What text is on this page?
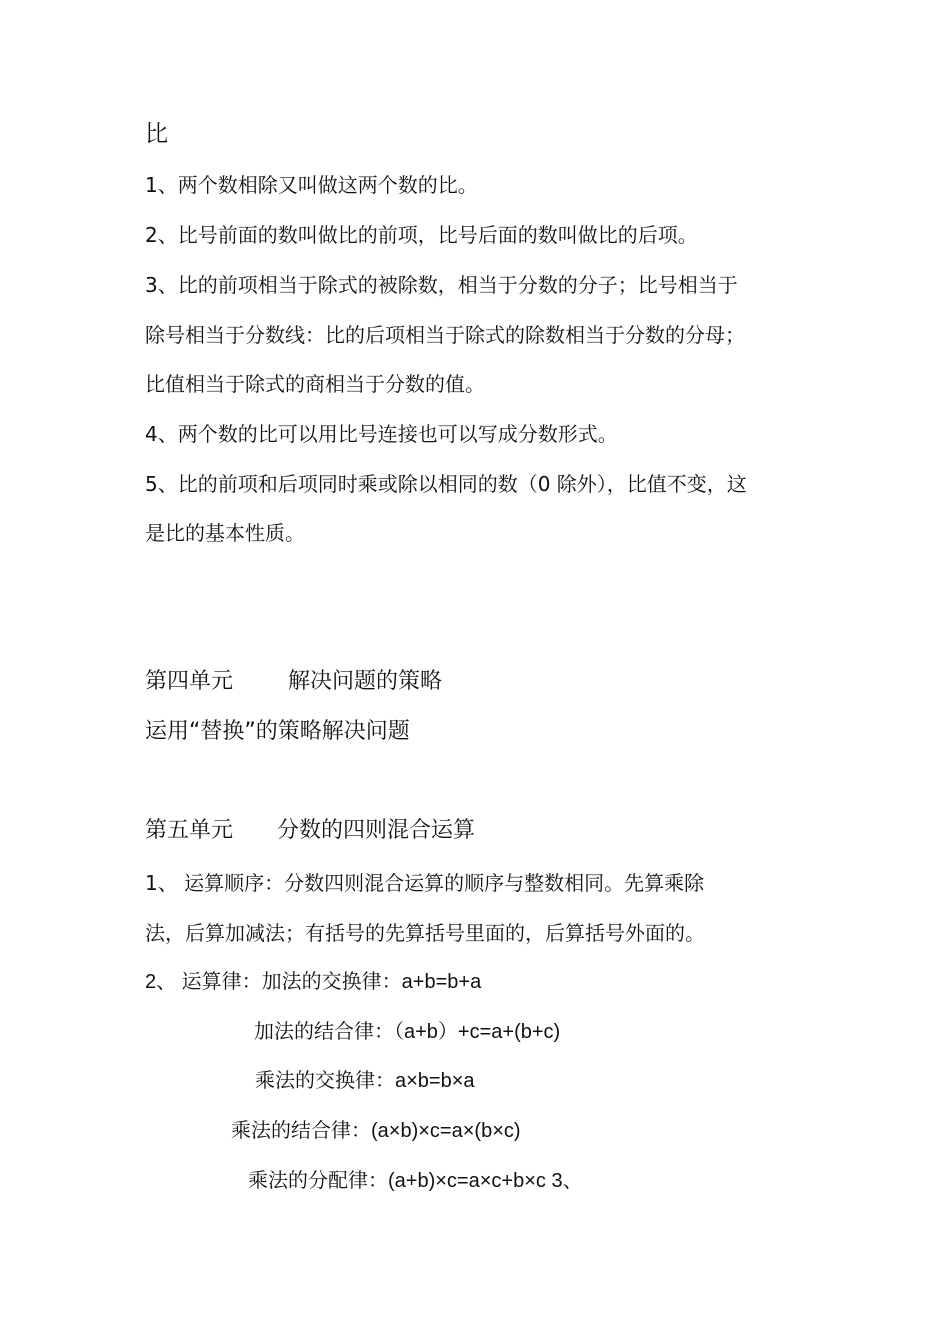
比
1、两个数相除又叫做这两个数的比。
2、比号前面的数叫做比的前项，比号后面的数叫做比的后项。
3、比的前项相当于除式的被除数，相当于分数的分子；比号相当于
除号相当于分数线：比的后项相当于除式的除数相当于分数的分母；
比值相当于除式的商相当于分数的值。
4、两个数的比可以用比号连接也可以写成分数形式。
5、比的前项和后项同时乘或除以相同的数（0 除外），比值不变，这
是比的基本性质。
第四单元 解决问题的策略
运用“替换”的策略解决问题
第五单元 分数的四则混合运算
1、 运算顺序：分数四则混合运算的顺序与整数相同。先算乘除
法，后算加减法；有括号的先算括号里面的，后算括号外面的。
2、 运算律：加法的交换律：a+b=b+a
加法的结合律：（a+b）+c=a+(b+c)
乘法的交换律：a×b=b×a
乘法的结合律：(a×b)×c=a×(b×c)
乘法的分配律：(a+b)×c=a×c+b×c 3、
